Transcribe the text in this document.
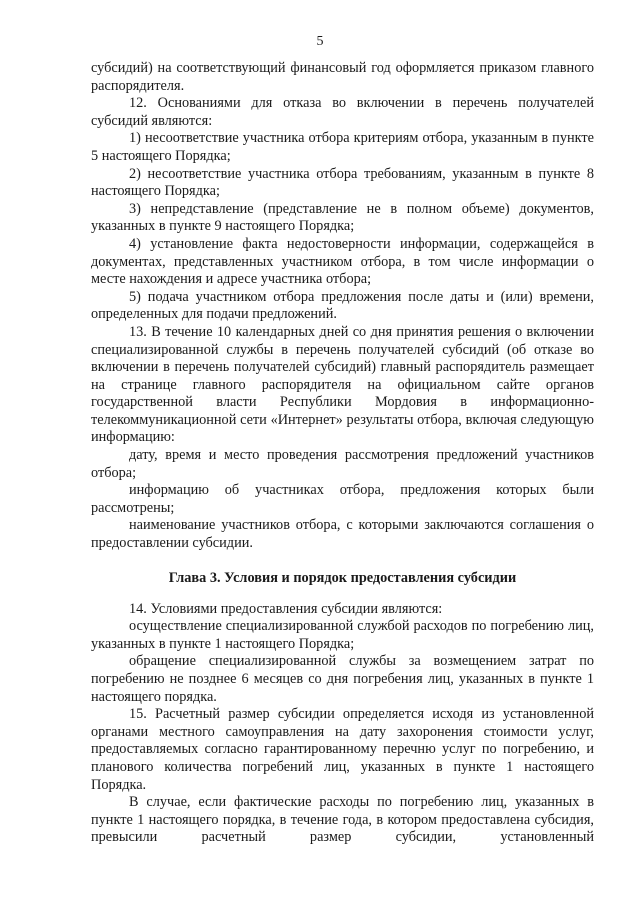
5

субсидий) на соответствующий финансовый год оформляется приказом главного распорядителя.

12. Основаниями для отказа во включении в перечень получателей субсидий являются:

1) несоответствие участника отбора критериям отбора, указанным в пункте 5 настоящего Порядка;

2) несоответствие участника отбора требованиям, указанным в пункте 8 настоящего Порядка;

3) непредставление (представление не в полном объеме) документов, указанных в пункте 9 настоящего Порядка;

4) установление факта недостоверности информации, содержащейся в документах, представленных участником отбора, в том числе информации о месте нахождения и адресе участника отбора;

5) подача участником отбора предложения после даты и (или) времени, определенных для подачи предложений.

13. В течение 10 календарных дней со дня принятия решения о включении специализированной службы в перечень получателей субсидий (об отказе во включении в перечень получателей субсидий) главный распорядитель размещает на странице главного распорядителя на официальном сайте органов государственной власти Республики Мордовия в информационно-телекоммуникационной сети «Интернет» результаты отбора, включая следующую информацию:

дату, время и место проведения рассмотрения предложений участников отбора;

информацию об участниках отбора, предложения которых были рассмотрены;

наименование участников отбора, с которыми заключаются соглашения о предоставлении субсидии.

Глава 3. Условия и порядок предоставления субсидии

14. Условиями предоставления субсидии являются:

осуществление специализированной службой расходов по погребению лиц, указанных в пункте 1 настоящего Порядка;

обращение специализированной службы за возмещением затрат по погребению не позднее 6 месяцев со дня погребения лиц, указанных в пункте 1 настоящего порядка.

15. Расчетный размер субсидии определяется исходя из установленной органами местного самоуправления на дату захоронения стоимости услуг, предоставляемых согласно гарантированному перечню услуг по погребению, и планового количества погребений лиц, указанных в пункте 1 настоящего Порядка.

В случае, если фактические расходы по погребению лиц, указанных в пункте 1 настоящего порядка, в течение года, в котором предоставлена субсидия, превысили расчетный размер субсидии, установленный
